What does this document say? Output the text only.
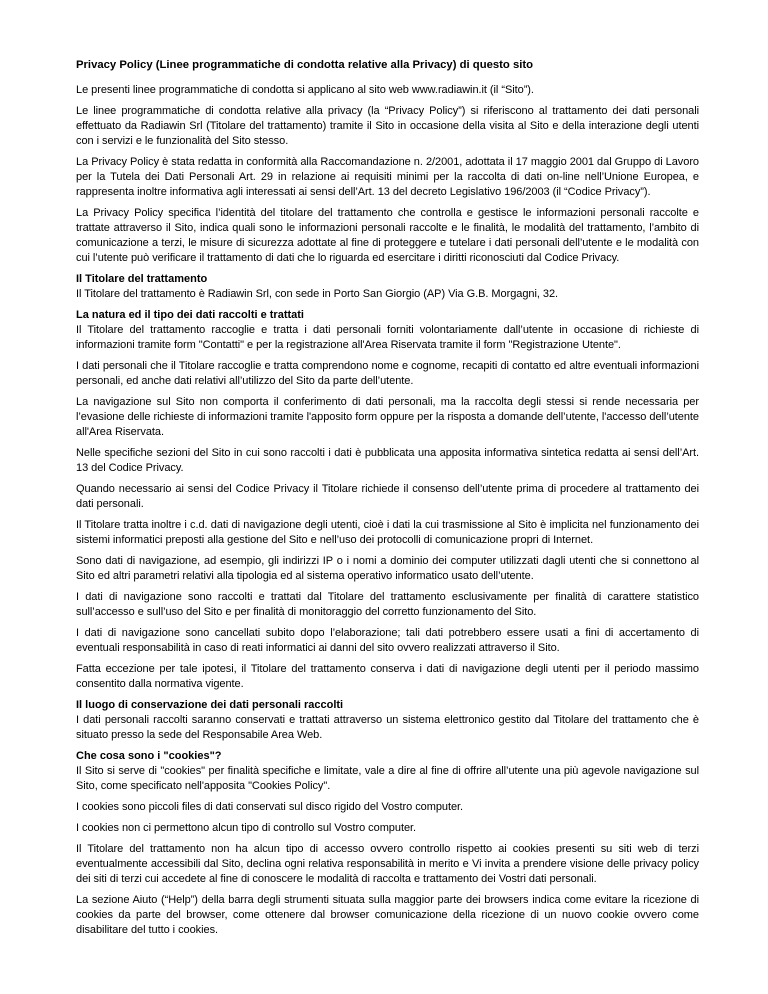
Privacy Policy (Linee programmatiche di condotta relative alla Privacy) di questo sito

Le presenti linee programmatiche di condotta si applicano al sito web www.radiawin.it (il “Sito”).

Le linee programmatiche di condotta relative alla privacy (la “Privacy Policy”) si riferiscono al trattamento dei dati personali effettuato da Radiawin Srl (Titolare del trattamento) tramite il Sito in occasione della visita al Sito e della interazione degli utenti con i servizi e le funzionalità del Sito stesso.

La Privacy Policy è stata redatta in conformità alla Raccomandazione n. 2/2001, adottata il 17 maggio 2001 dal Gruppo di Lavoro per la Tutela dei Dati Personali Art. 29 in relazione ai requisiti minimi per la raccolta di dati on-line nell’Unione Europea, e rappresenta inoltre informativa agli interessati ai sensi dell’Art. 13 del decreto Legislativo 196/2003 (il “Codice Privacy”).

La Privacy Policy specifica l’identità del titolare del trattamento che controlla e gestisce le informazioni personali raccolte e trattate attraverso il Sito, indica quali sono le informazioni personali raccolte e le finalità, le modalità del trattamento, l’ambito di comunicazione a terzi, le misure di sicurezza adottate al fine di proteggere e tutelare i dati personali dell’utente e le modalità con cui l’utente può verificare il trattamento di dati che lo riguarda ed esercitare i diritti riconosciuti dal Codice Privacy.

Il Titolare del trattamento

Il Titolare del trattamento è Radiawin Srl, con sede in Porto San Giorgio (AP) Via G.B. Morgagni, 32.

La natura ed il tipo dei dati raccolti e trattati

Il Titolare del trattamento raccoglie e tratta i dati personali forniti volontariamente dall’utente in occasione di richieste di informazioni tramite form "Contatti" e per la registrazione all'Area Riservata tramite il form "Registrazione Utente".

I dati personali che il Titolare raccoglie e tratta comprendono nome e cognome, recapiti di contatto ed altre eventuali informazioni personali, ed anche dati relativi all’utilizzo del Sito da parte dell’utente.

La navigazione sul Sito non comporta il conferimento di dati personali, ma la raccolta degli stessi si rende necessaria per l’evasione delle richieste di informazioni tramite l'apposito form oppure per la risposta a domande dell’utente, l'accesso dell’utente all'Area Riservata.

Nelle specifiche sezioni del Sito in cui sono raccolti i dati è pubblicata una apposita informativa sintetica redatta ai sensi dell’Art. 13 del Codice Privacy.

Quando necessario ai sensi del Codice Privacy il Titolare richiede il consenso dell’utente prima di procedere al trattamento dei dati personali.

Il Titolare tratta inoltre i c.d. dati di navigazione degli utenti, cioè i dati la cui trasmissione al Sito è implicita nel funzionamento dei sistemi informatici preposti alla gestione del Sito e nell’uso dei protocolli di comunicazione propri di Internet.

Sono dati di navigazione, ad esempio, gli indirizzi IP o i nomi a dominio dei computer utilizzati dagli utenti che si connettono al Sito ed altri parametri relativi alla tipologia ed al sistema operativo informatico usato dell’utente.

I dati di navigazione sono raccolti e trattati dal Titolare del trattamento esclusivamente per finalità di carattere statistico sull’accesso e sull’uso del Sito e per finalità di monitoraggio del corretto funzionamento del Sito.

I dati di navigazione sono cancellati subito dopo l’elaborazione; tali dati potrebbero essere usati a fini di accertamento di eventuali responsabilità in caso di reati informatici ai danni del sito ovvero realizzati attraverso il Sito.

Fatta eccezione per tale ipotesi, il Titolare del trattamento conserva i dati di navigazione degli utenti per il periodo massimo consentito dalla normativa vigente.

Il luogo di conservazione dei dati personali raccolti

I dati personali raccolti saranno conservati e trattati attraverso un sistema elettronico gestito dal Titolare del trattamento che è situato presso la sede del Responsabile Area Web.

Che cosa sono i "cookies"?

Il Sito si serve di "cookies" per finalità specifiche e limitate, vale a dire al fine di offrire all’utente una più agevole navigazione sul Sito, come specificato nell'apposita "Cookies Policy".

I cookies sono piccoli files di dati conservati sul disco rigido del Vostro computer.

I cookies non ci permettono alcun tipo di controllo sul Vostro computer.

Il Titolare del trattamento non ha alcun tipo di accesso ovvero controllo rispetto ai cookies presenti su siti web di terzi eventualmente accessibili dal Sito, declina ogni relativa responsabilità in merito e Vi invita a prendere visione delle privacy policy dei siti di terzi cui accedete al fine di conoscere le modalità di raccolta e trattamento dei Vostri dati personali.

La sezione Aiuto (“Help”) della barra degli strumenti situata sulla maggior parte dei browsers indica come evitare la ricezione di cookies da parte del browser, come ottenere dal browser comunicazione della ricezione di un nuovo cookie ovvero come disabilitare del tutto i cookies.
